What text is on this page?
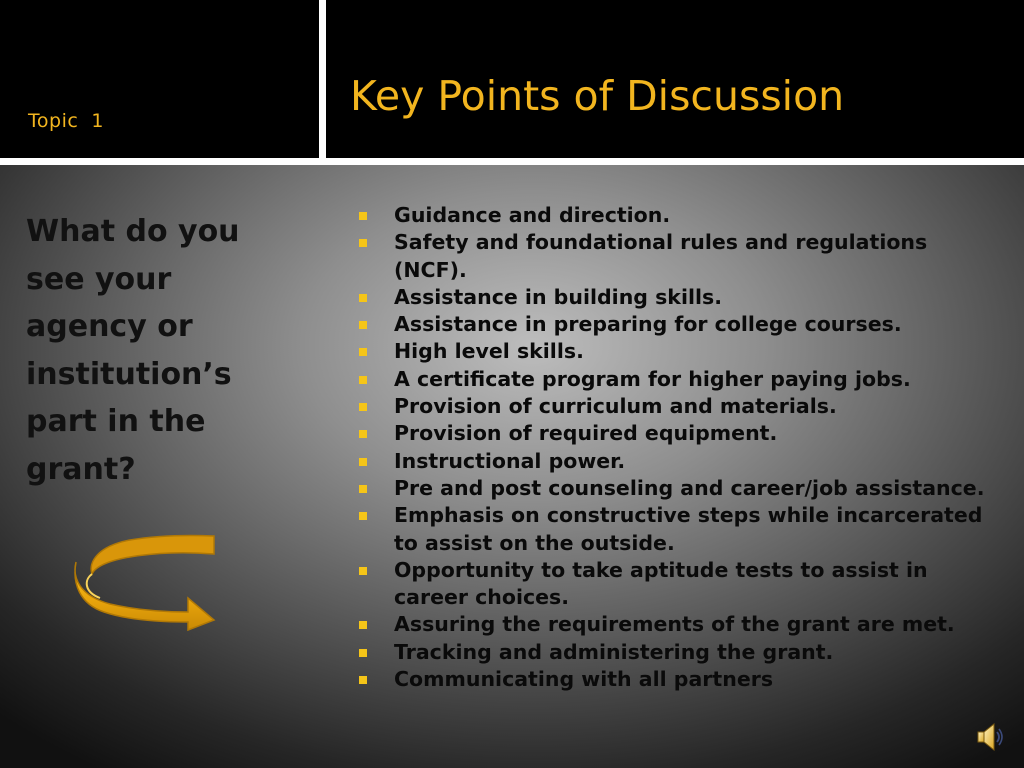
Topic  1
Key Points of Discussion
What do you see your agency or institution’s part in the grant?
Guidance and direction.
Safety and foundational rules and regulations (NCF).
Assistance in building skills.
Assistance in preparing for college courses.
High level skills.
A certificate program for higher paying jobs.
Provision of curriculum and materials.
Provision of required equipment.
Instructional power.
Pre and post counseling and career/job assistance.
Emphasis on constructive steps while incarcerated to assist on the outside.
Opportunity to take aptitude tests to assist in career choices.
Assuring the requirements of the grant are met.
Tracking and administering the grant.
Communicating with all partners
